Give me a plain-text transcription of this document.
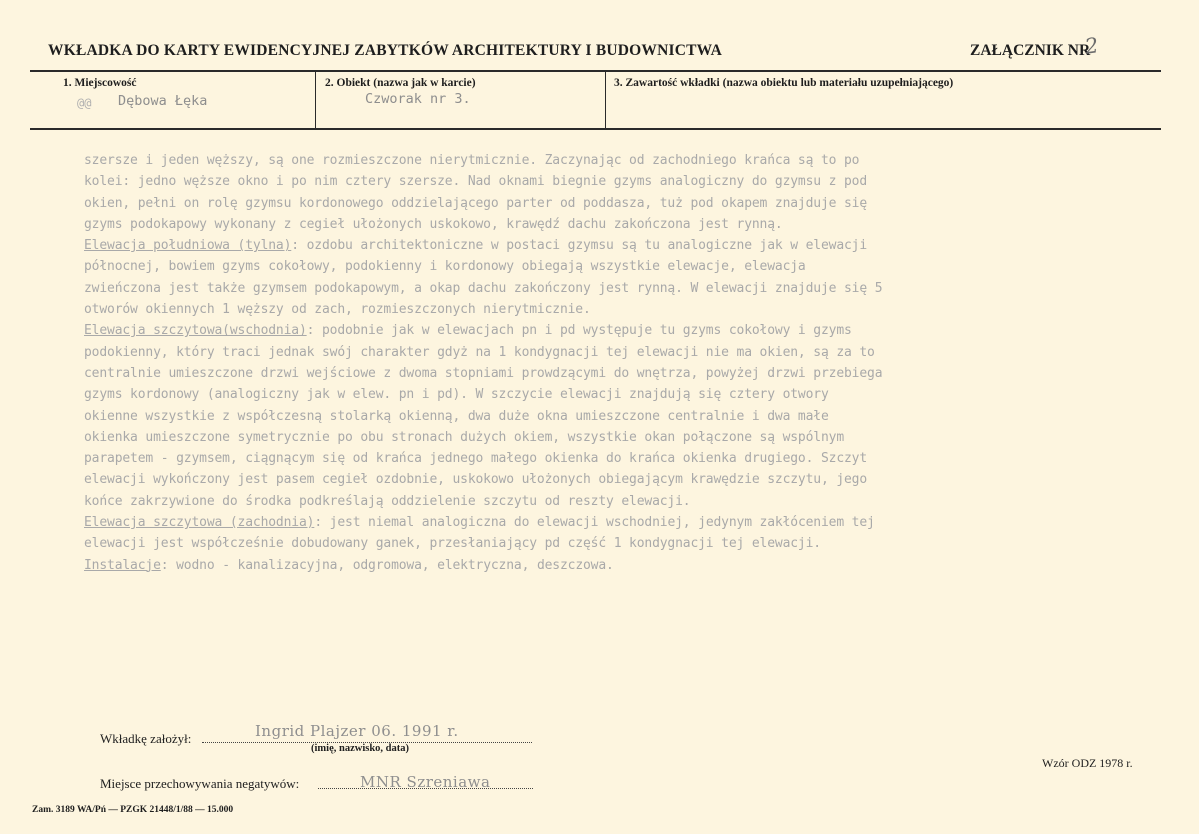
WKŁADKA DO KARTY EWIDENCYJNEJ ZABYTKÓW ARCHITEKTURY I BUDOWNICTWA	ZAŁĄCZNIK NR
2
1. Miejscowość
@@ Dębowa Łęka
2. Obiekt (nazwa jak w karcie)
Czworak nr 3.
3. Zawartość wkładki (nazwa obiektu lub materiału uzupełniającego)
szersze i jeden węższy, są one rozmieszczone nierytmicznie. Zaczynając od zachodniego krańca są to po
kolei: jedno węższe okno i po nim cztery szersze. Nad oknami biegnie gzyms analogiczny do gzymsu z pod
okien, pełni on rolę gzymsu kordonowego oddzielającego parter od poddasza, tuż pod okapem znajduje się
gzyms podokapowy wykonany z cegieł ułożonych uskokowo, krawędź dachu zakończona jest rynną.
Elewacja południowa (tylna): ozdobu architektoniczne w postaci gzymsu są tu analogiczne jak w elewacji
północnej, bowiem gzyms cokołowy, podokienny i kordonowy obiegają wszystkie elewacje, elewacja
zwieńczona jest także gzymsem podokapowym, a okap dachu zakończony jest rynną. W elewacji znajduje się 5
otworów okiennych 1 węższy od zach, rozmieszczonych nierytmicznie.
Elewacja szczytowa(wschodnia): podobnie jak w elewacjach pn i pd występuje tu gzyms cokołowy i gzyms
podokienny, który traci jednak swój charakter gdyż na 1 kondygnacji tej elewacji nie ma okien, są za to
centralnie umieszczone drzwi wejściowe z dwoma stopniami prowdzącymi do wnętrza, powyżej drzwi przebiega
gzyms kordonowy (analogiczny jak w elew. pn i pd). W szczycie elewacji znajdują się cztery otwory
okienne wszystkie z współczesną stolarką okienną, dwa duże okna umieszczone centralnie i dwa małe
okienka umieszczone symetrycznie po obu stronach dużych okiem, wszystkie okan połączone są wspólnym
parapetem - gzymsem, ciągnącym się od krańca jednego małego okienka do krańca okienka drugiego. Szczyt
elewacji wykończony jest pasem cegieł ozdobnie, uskokowo ułożonych obiegającym krawędzie szczytu, jego
końce zakrzywione do środka podkreślają oddzielenie szczytu od reszty elewacji.
Elewacja szczytowa (zachodnia): jest niemal analogiczna do elewacji wschodniej, jedynym zakłóceniem tej
elewacji jest współcześnie dobudowany ganek, przesłaniający pd część 1 kondygnacji tej elewacji.
Instalacje: wodno - kanalizacyjna, odgromowa, elektryczna, deszczowa.
Wkładkę założył:	Ingrid Plajzer 06. 1991 r.
(imię, nazwisko, data)
Miejsce przechowywania negatywów:	MNR Szreniawa
Wzór ODZ 1978 r.
Zam. 3189 WA/Pń — PZGK 21448/1/88 — 15.000
